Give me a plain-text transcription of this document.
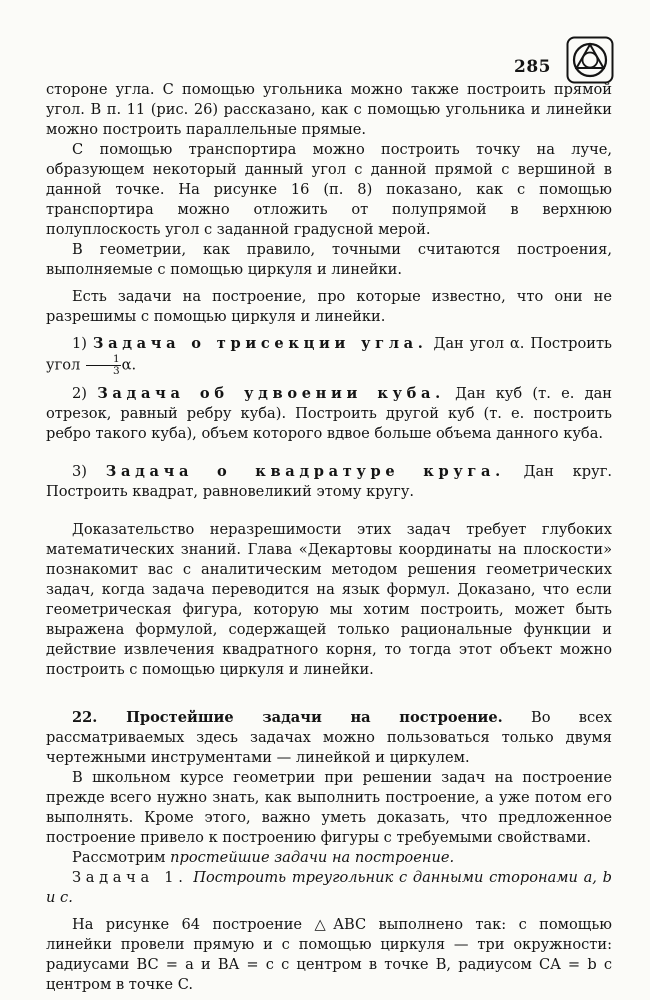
285

стороне угла. С помощью угольника можно также построить прямой угол. В п. 11 (рис. 26) рассказано, как с помощью угольника и линейки можно построить параллельные прямые.

С помощью транспортира можно построить точку на луче, образующем некоторый данный угол с данной прямой с вершиной в данной точке. На рисунке 16 (п. 8) показано, как с помощью транспортира можно отложить от полупрямой в верхнюю полуплоскость угол с заданной градусной мерой.

В геометрии, как правило, точными считаются построения, выполняемые с помощью циркуля и линейки.

Есть задачи на построение, про которые известно, что они не разрешимы с помощью циркуля и линейки.

1) Задача о трисекции угла. Дан угол α. Построить угол $\frac{1}{3} \alpha$.

2) Задача об удвоении куба. Дан куб (т. е. дан отрезок, равный ребру куба). Построить другой куб (т. е. построить ребро такого куба), объем которого вдвое больше объема данного куба.

3) Задача о квадратуре круга. Дан круг. Построить квадрат, равновеликий этому кругу.

Доказательство неразрешимости этих задач требует глубоких математических знаний. Глава «Декартовы координаты на плоскости» познакомит вас с аналитическим методом решения геометрических задач, когда задача переводится на язык формул. Доказано, что если геометрическая фигура, которую мы хотим построить, может быть выражена формулой, содержащей только рациональные функции и действие извлечения квадратного корня, то тогда этот объект можно построить с помощью циркуля и линейки.

22. Простейшие задачи на построение. Во всех рассматриваемых здесь задачах можно пользоваться только двумя чертежными инструментами — линейкой и циркулем.

В школьном курсе геометрии при решении задач на построение прежде всего нужно знать, как выполнить построение, а уже потом его выполнять. Кроме этого, важно уметь доказать, что предложенное построение привело к построению фигуры с требуемыми свойствами.

Рассмотрим простейшие задачи на построение.

Задача 1. Построить треугольник с данными сторонами a, b и c.

На рисунке 64 построение △ABC выполнено так: с помощью линейки провели прямую и с помощью циркуля — три окружности: радиусами BC = a и BA = c с центром в точке B, радиусом CA = b с центром в точке C.
